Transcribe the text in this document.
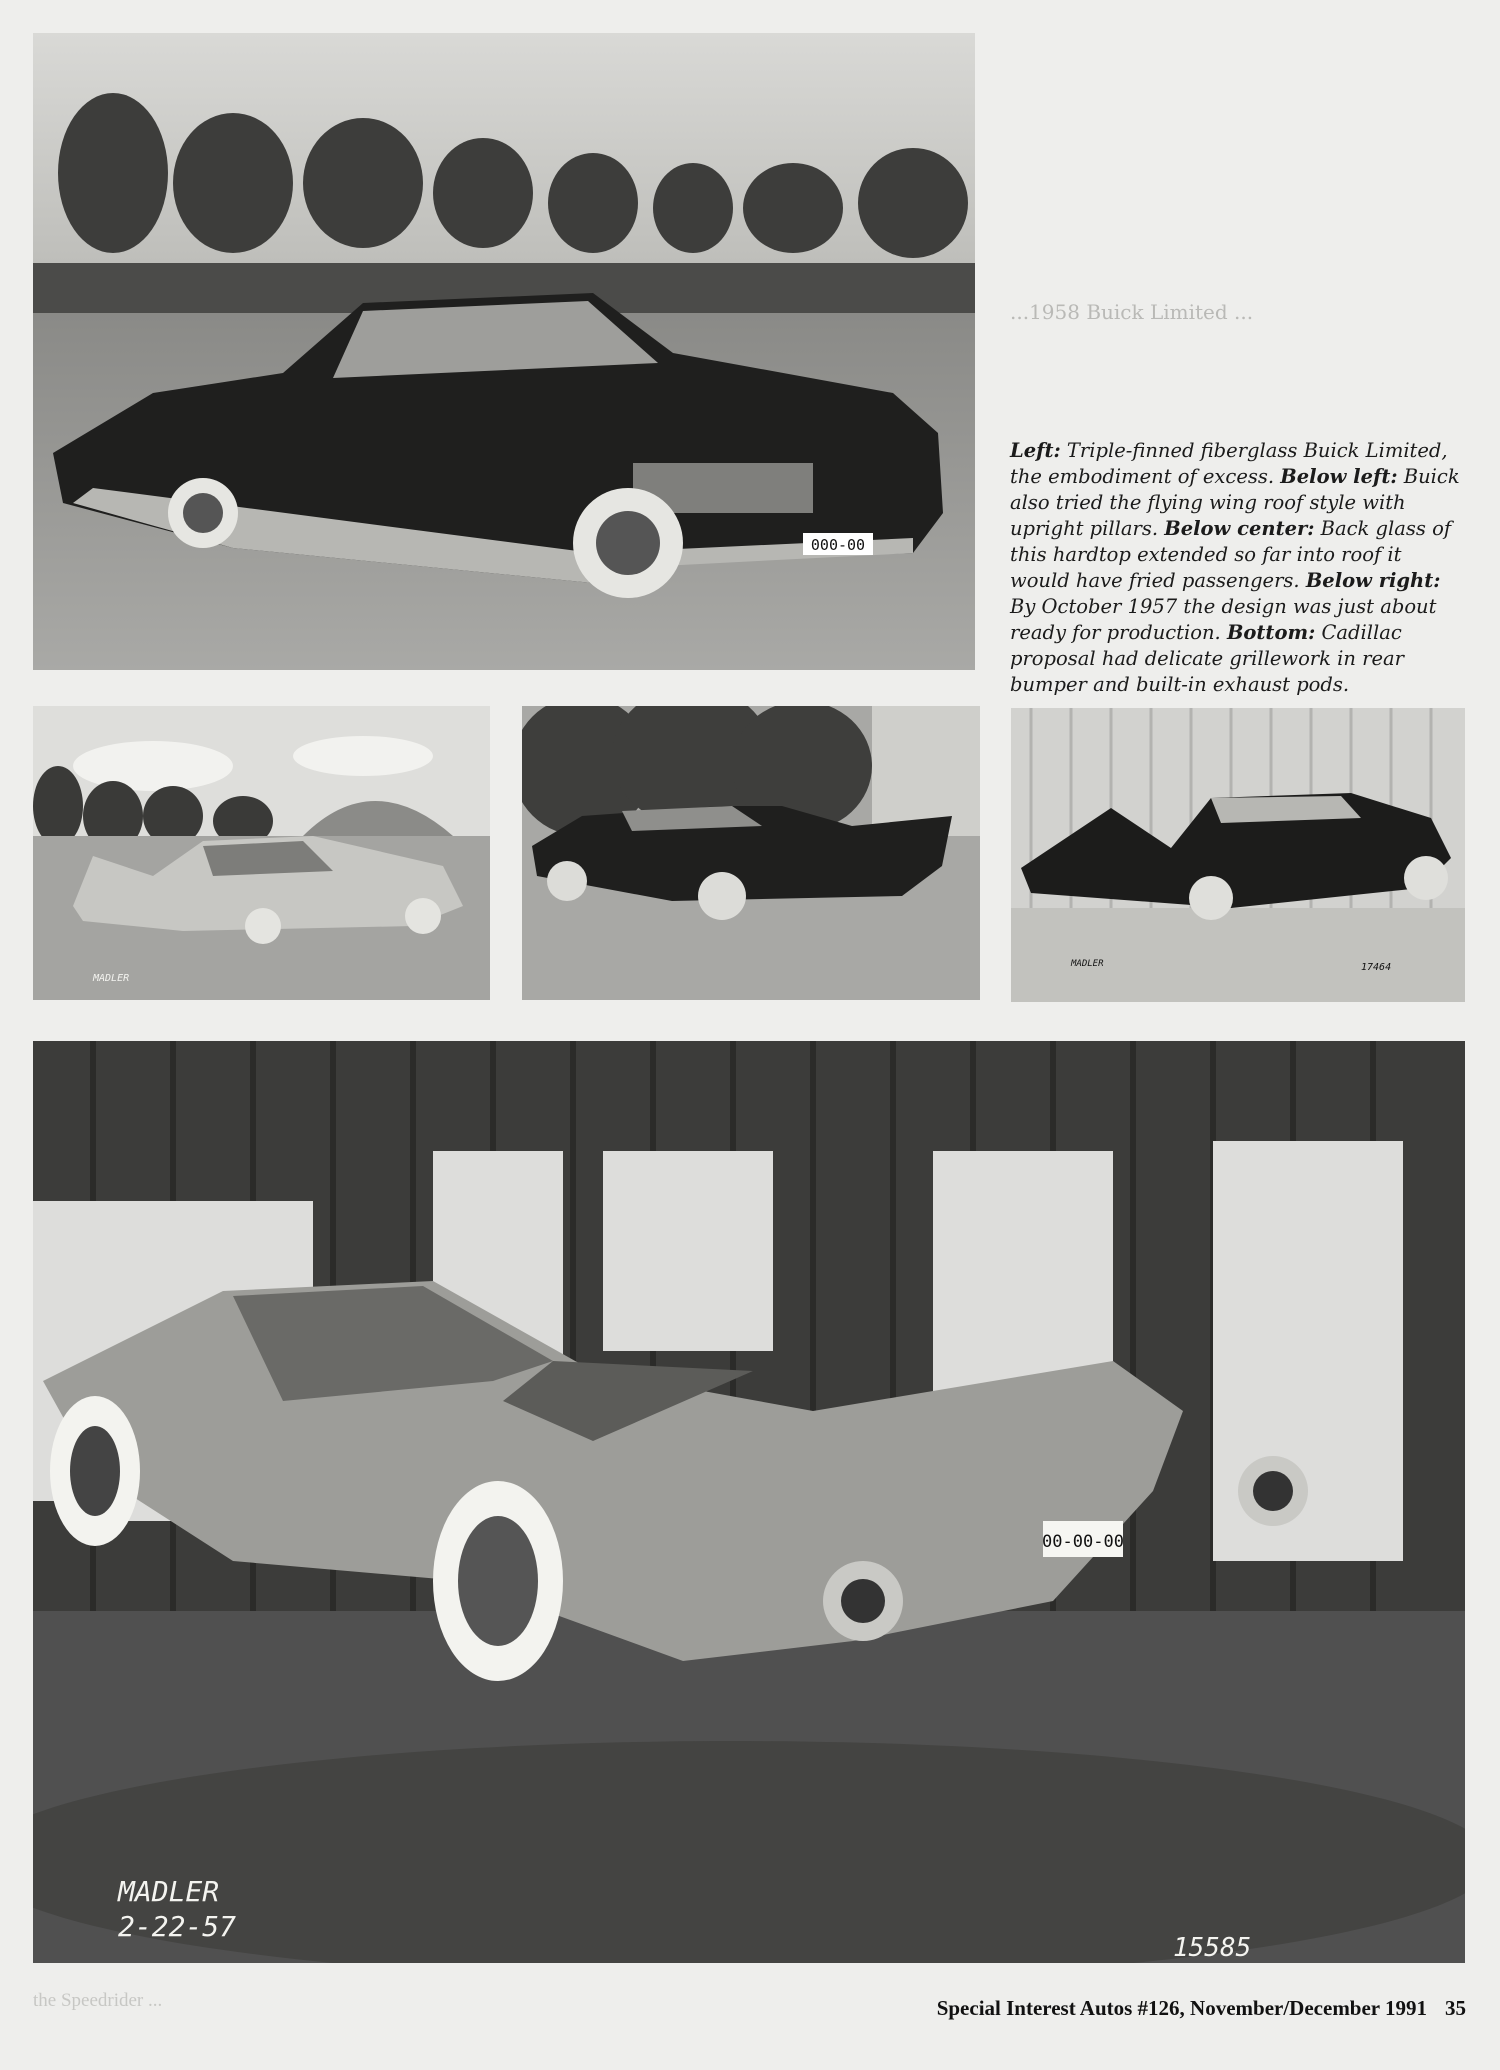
...1958 Buick Limited ...
000-00
Left: Triple-finned fiberglass Buick Limited, the embodiment of excess. Below left: Buick also tried the flying wing roof style with upright pillars. Below center: Back glass of this hardtop extended so far into roof it would have fried passengers. Below right: By October 1957 the design was just about ready for production. Bottom: Cadillac proposal had delicate grillework in rear bumper and built-in exhaust pods.
MADLER
MADLER	17464
00-00-00
MADLER
2-22-57
15585
the Speedrider ...	Special Interest Autos #126, November/December 1991 35
